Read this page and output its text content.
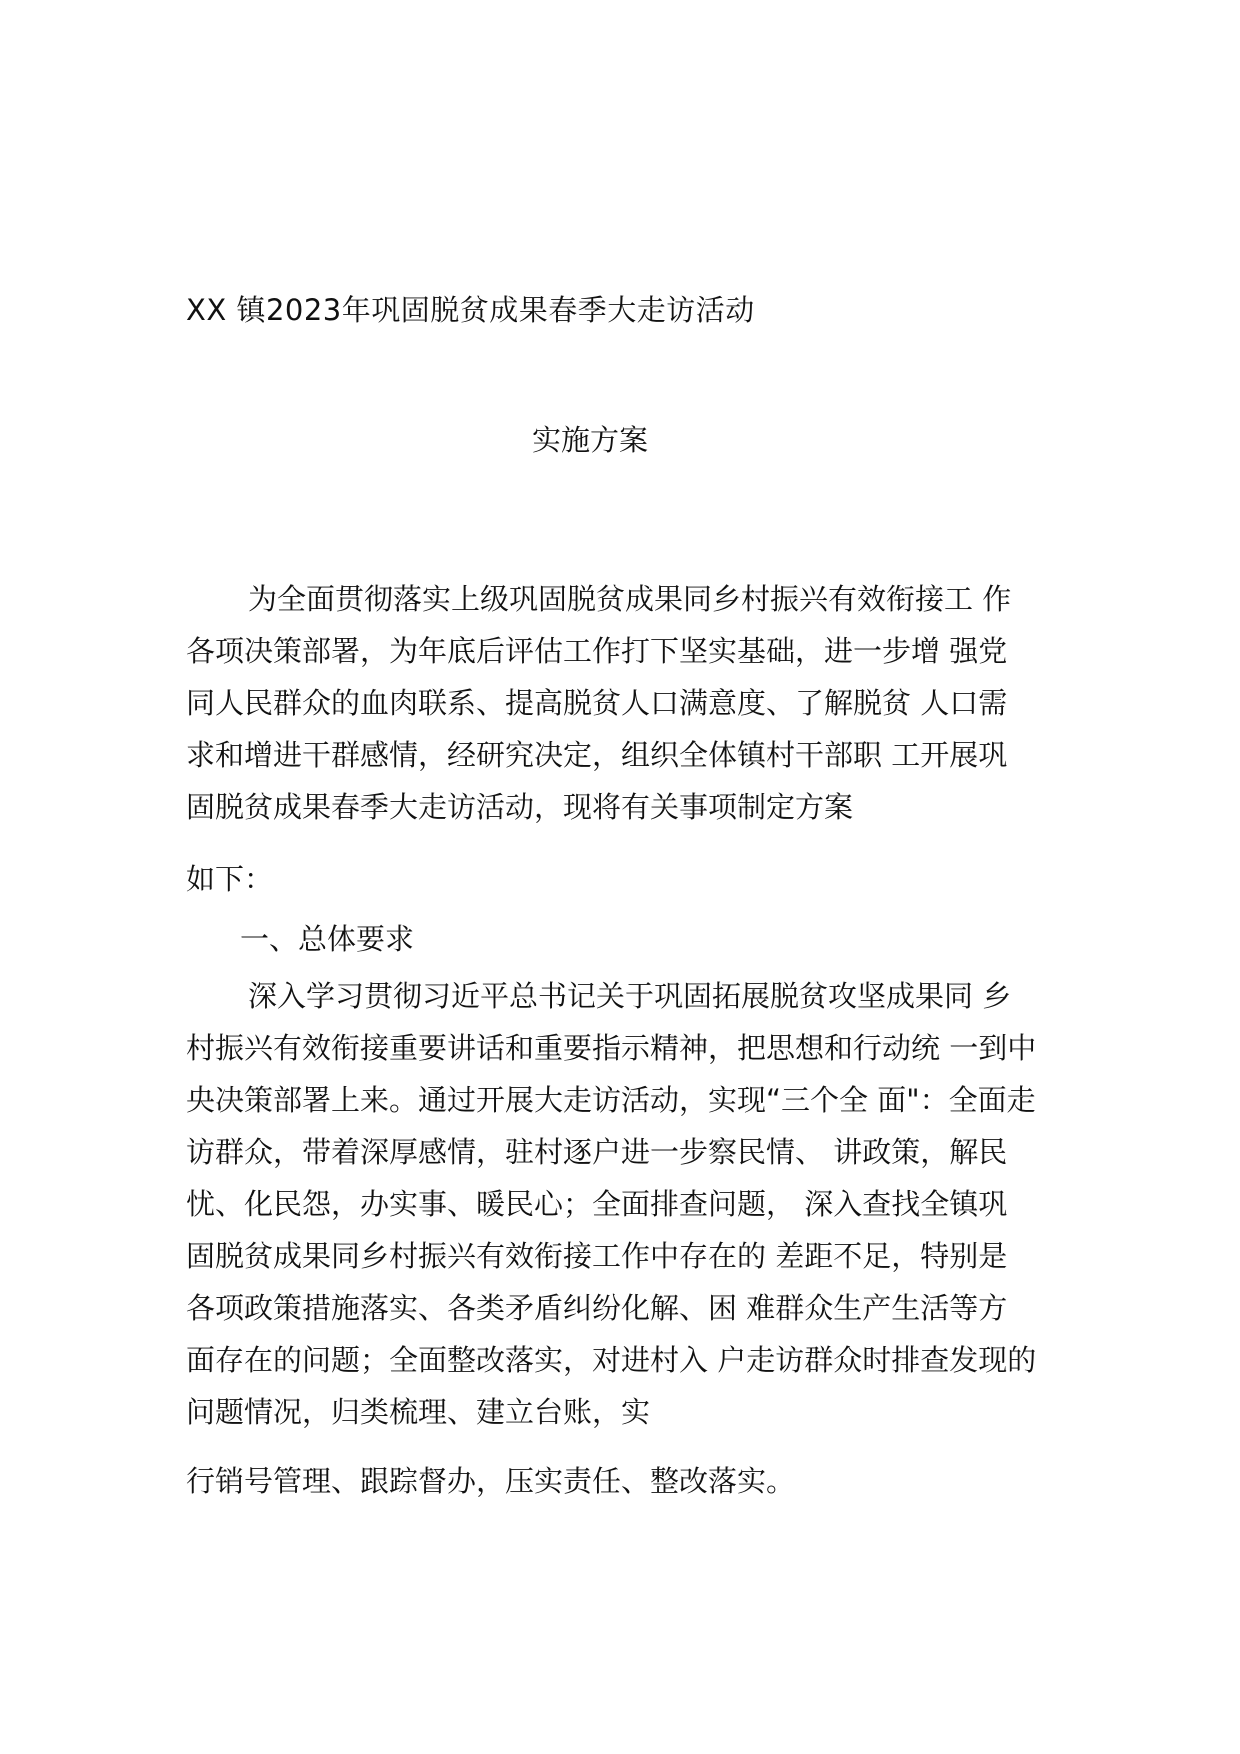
XX 镇2023年巩固脱贫成果春季大走访活动
实施方案
为全面贯彻落实上级巩固脱贫成果同乡村振兴有效衔接工 作
各项决策部署，为年底后评估工作打下坚实基础，进一步增 强党
同人民群众的血肉联系、提高脱贫人口满意度、了解脱贫 人口需
求和增进干群感情，经研究决定，组织全体镇村干部职 工开展巩
固脱贫成果春季大走访活动，现将有关事项制定方案
如下：
一、总体要求
深入学习贯彻习近平总书记关于巩固拓展脱贫攻坚成果同 乡
村振兴有效衔接重要讲话和重要指示精神，把思想和行动统 一到中
央决策部署上来。通过开展大走访活动，实现“三个全 面"：全面走
访群众，带着深厚感情，驻村逐户进一步察民情、 讲政策，解民
忧、化民怨，办实事、暖民心；全面排查问题， 深入查找全镇巩
固脱贫成果同乡村振兴有效衔接工作中存在的 差距不足，特别是
各项政策措施落实、各类矛盾纠纷化解、困 难群众生产生活等方
面存在的问题；全面整改落实，对进村入 户走访群众时排查发现的
问题情况，归类梳理、建立台账，实
行销号管理、跟踪督办，压实责任、整改落实。
